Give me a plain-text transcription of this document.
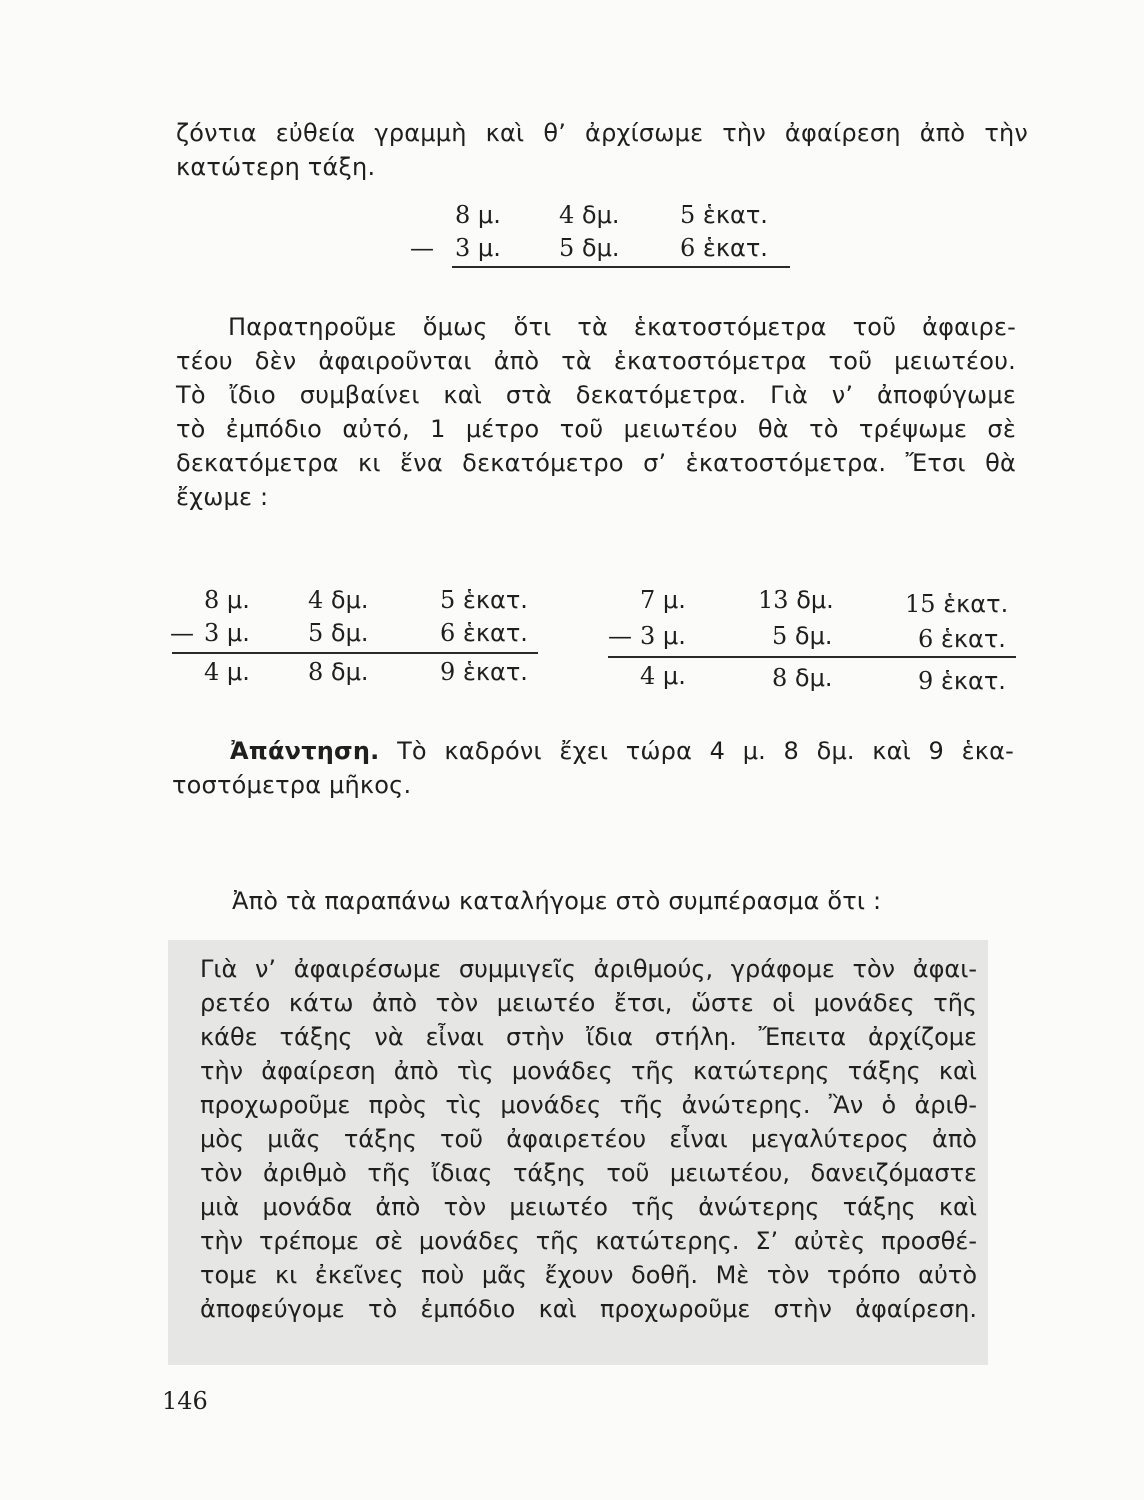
ζόντια εὐθεία γραμμὴ καὶ θ’ ἀρχίσωμε τὴν ἀφαίρεση ἀπὸ τὴν
κατώτερη τάξη.
8 μ. 4 δμ.	5 ἑκατ.
— 3 μ. 5 δμ.	6 ἑκατ.
Παρατηροῦμε ὅμως ὅτι τὰ ἑκατοστόμετρα τοῦ ἀφαιρε-
τέου δὲν ἀφαιροῦνται ἀπὸ τὰ ἑκατοστόμετρα τοῦ μειωτέου.
Τὸ ἴδιο συμβαίνει καὶ στὰ δεκατόμετρα. Γιὰ ν’ ἀποφύγωμε
τὸ ἐμπόδιο αὐτό, 1 μέτρο τοῦ μειωτέου θὰ τὸ τρέψωμε σὲ
δεκατόμετρα κι ἕνα δεκατόμετρο σ’ ἑκατοστόμετρα. Ἔτσι θὰ
ἔχωμε :
8 μ. 4 δμ.	5 ἑκατ.
— 3 μ. 5 δμ.	6 ἑκατ.
4 μ. 8 δμ.	9 ἑκατ.
7 μ.	13 δμ.	15 ἑκατ.
— 3 μ.	5 δμ.	6 ἑκατ.
4 μ.	8 δμ.	9 ἑκατ.
Ἀπάντηση. Τὸ καδρόνι ἔχει τώρα 4 μ. 8 δμ. καὶ 9 ἑκα-
τοστόμετρα μῆκος.
Ἀπὸ τὰ παραπάνω καταλήγομε στὸ συμπέρασμα ὅτι :
Γιὰ ν’ ἀφαιρέσωμε συμμιγεῖς ἀριθμούς, γράφομε τὸν ἀφαι-
ρετέο κάτω ἀπὸ τὸν μειωτέο ἔτσι, ὥστε οἱ μονάδες τῆς
κάθε τάξης νὰ εἶναι στὴν ἴδια στήλη. Ἔπειτα ἀρχίζομε
τὴν ἀφαίρεση ἀπὸ τὶς μονάδες τῆς κατώτερης τάξης καὶ
προχωροῦμε πρὸς τὶς μονάδες τῆς ἀνώτερης. Ἂν ὁ ἀριθ-
μὸς μιᾶς τάξης τοῦ ἀφαιρετέου εἶναι μεγαλύτερος ἀπὸ
τὸν ἀριθμὸ τῆς ἴδιας τάξης τοῦ μειωτέου, δανειζόμαστε
μιὰ μονάδα ἀπὸ τὸν μειωτέο τῆς ἀνώτερης τάξης καὶ
τὴν τρέπομε σὲ μονάδες τῆς κατώτερης. Σ’ αὐτὲς προσθέ-
τομε κι ἐκεῖνες ποὺ μᾶς ἔχουν δοθῆ. Μὲ τὸν τρόπο αὐτὸ
ἀποφεύγομε τὸ ἐμπόδιο καὶ προχωροῦμε στὴν ἀφαίρεση.
146
